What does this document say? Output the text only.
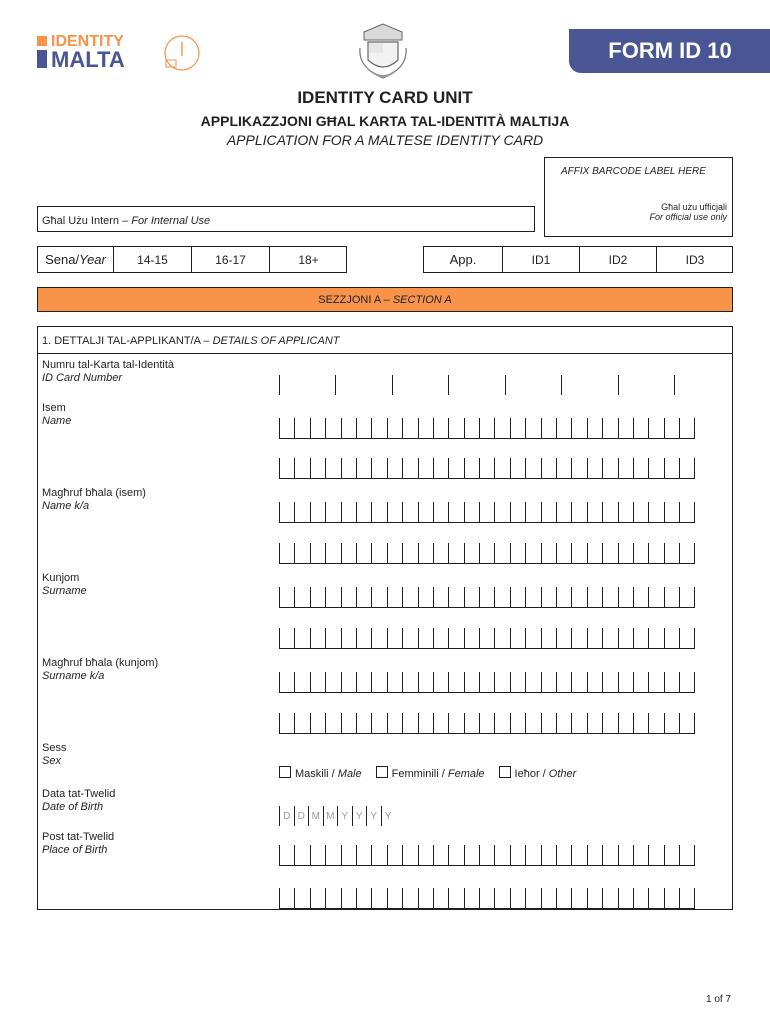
IDENTITY
MALTA	FORM ID 10
IDENTITY CARD UNIT
APPLIKAZZJONI GĦAL KARTA TAL-IDENTITÀ MALTIJA
APPLICATION FOR A MALTESE IDENTITY CARD
AFFIX BARCODE LABEL HERE
Għal użu uffiċjali
For official use only
Għal Użu Intern – For Internal Use
Sena/ Year	14-15	16-17	18+	App.	ID1	ID2	ID3
SEZZJONI A –
SECTION A
1. DETTALJI TAL-APPLIKANT/A – DETAILS OF APPLICANT
Numru tal-Karta tal-Identità
ID Card Number
Isem
Name
Magħruf bħala (isem)
Name k/a
Kunjom
Surname
Magħruf bħala (kunjom)
Surname k/a
Sess
Sex
Maskili / Male	Femminili / Female	Ieħor / Other
Data tat-Twelid
Date of Birth
D D M M Y Y Y Y
Post tat-Twelid
Place of Birth
1 of 7
